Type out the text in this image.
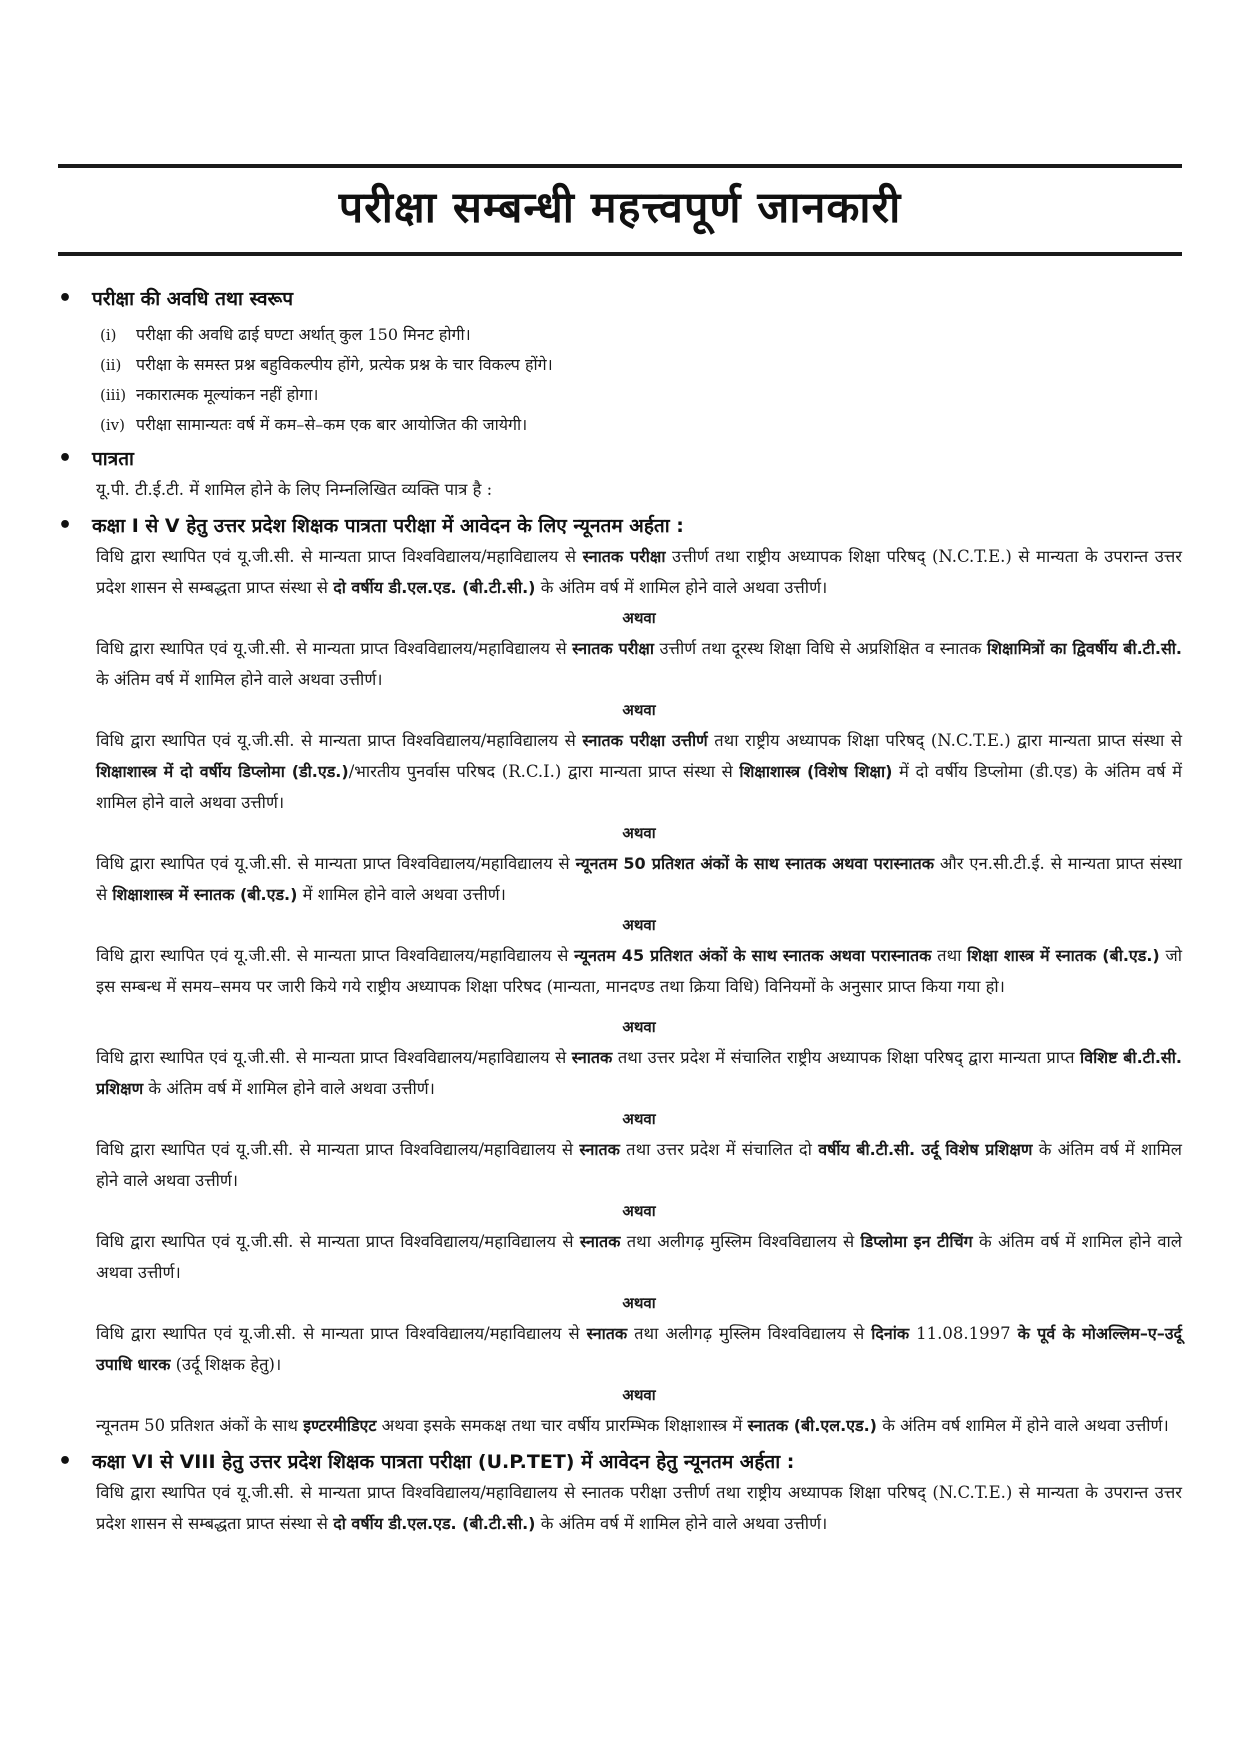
परीक्षा सम्बन्धी महत्त्वपूर्ण जानकारी
• परीक्षा की अवधि तथा स्वरूप
(i) परीक्षा की अवधि ढाई घण्टा अर्थात् कुल 150 मिनट होगी।
(ii) परीक्षा के समस्त प्रश्न बहुविकल्पीय होंगे, प्रत्येक प्रश्न के चार विकल्प होंगे।
(iii) नकारात्मक मूल्यांकन नहीं होगा।
(iv) परीक्षा सामान्यतः वर्ष में कम–से–कम एक बार आयोजित की जायेगी।
• पात्रता

यू.पी. टी.ई.टी. में शामिल होने के लिए निम्नलिखित व्यक्ति पात्र है :

• कक्षा I से V हेतु उत्तर प्रदेश शिक्षक पात्रता परीक्षा में आवेदन के लिए न्यूनतम अर्हता :

विधि द्वारा स्थापित एवं यू.जी.सी. से मान्यता प्राप्त विश्वविद्यालय/महाविद्यालय से स्नातक परीक्षा उत्तीर्ण तथा राष्ट्रीय अध्यापक शिक्षा परिषद् (N.C.T.E.) से मान्यता के उपरान्त उत्तर प्रदेश शासन से सम्बद्धता प्राप्त संस्था से दो वर्षीय डी.एल.एड. (बी.टी.सी.) के अंतिम वर्ष में शामिल होने वाले अथवा उत्तीर्ण।

अथवा

विधि द्वारा स्थापित एवं यू.जी.सी. से मान्यता प्राप्त विश्वविद्यालय/महाविद्यालय से स्नातक परीक्षा उत्तीर्ण तथा दूरस्थ शिक्षा विधि से अप्रशिक्षित व स्नातक शिक्षामित्रों का द्विवर्षीय बी.टी.सी. के अंतिम वर्ष में शामिल होने वाले अथवा उत्तीर्ण।

अथवा

विधि द्वारा स्थापित एवं यू.जी.सी. से मान्यता प्राप्त विश्वविद्यालय/महाविद्यालय से स्नातक परीक्षा उत्तीर्ण तथा राष्ट्रीय अध्यापक शिक्षा परिषद् (N.C.T.E.) द्वारा मान्यता प्राप्त संस्था से शिक्षाशास्त्र में दो वर्षीय डिप्लोमा (डी.एड.)/भारतीय पुनर्वास परिषद (R.C.I.) द्वारा मान्यता प्राप्त संस्था से शिक्षाशास्त्र (विशेष शिक्षा) में दो वर्षीय डिप्लोमा (डी.एड) के अंतिम वर्ष में शामिल होने वाले अथवा उत्तीर्ण।

अथवा

विधि द्वारा स्थापित एवं यू.जी.सी. से मान्यता प्राप्त विश्वविद्यालय/महाविद्यालय से न्यूनतम 50 प्रतिशत अंकों के साथ स्नातक अथवा परास्नातक और एन.सी.टी.ई. से मान्यता प्राप्त संस्था से शिक्षाशास्त्र में स्नातक (बी.एड.) में शामिल होने वाले अथवा उत्तीर्ण।

अथवा

विधि द्वारा स्थापित एवं यू.जी.सी. से मान्यता प्राप्त विश्वविद्यालय/महाविद्यालय से न्यूनतम 45 प्रतिशत अंकों के साथ स्नातक अथवा परास्नातक तथा शिक्षा शास्त्र में स्नातक (बी.एड.) जो इस सम्बन्ध में समय–समय पर जारी किये गये राष्ट्रीय अध्यापक शिक्षा परिषद (मान्यता, मानदण्ड तथा क्रिया विधि) विनियमों के अनुसार प्राप्त किया गया हो।

अथवा

विधि द्वारा स्थापित एवं यू.जी.सी. से मान्यता प्राप्त विश्वविद्यालय/महाविद्यालय से स्नातक तथा उत्तर प्रदेश में संचालित राष्ट्रीय अध्यापक शिक्षा परिषद् द्वारा मान्यता प्राप्त विशिष्ट बी.टी.सी. प्रशिक्षण के अंतिम वर्ष में शामिल होने वाले अथवा उत्तीर्ण।

अथवा

विधि द्वारा स्थापित एवं यू.जी.सी. से मान्यता प्राप्त विश्वविद्यालय/महाविद्यालय से स्नातक तथा उत्तर प्रदेश में संचालित दो वर्षीय बी.टी.सी. उर्दू विशेष प्रशिक्षण के अंतिम वर्ष में शामिल होने वाले अथवा उत्तीर्ण।

अथवा

विधि द्वारा स्थापित एवं यू.जी.सी. से मान्यता प्राप्त विश्वविद्यालय/महाविद्यालय से स्नातक तथा अलीगढ़ मुस्लिम विश्वविद्यालय से डिप्लोमा इन टीचिंग के अंतिम वर्ष में शामिल होने वाले अथवा उत्तीर्ण।

अथवा

विधि द्वारा स्थापित एवं यू.जी.सी. से मान्यता प्राप्त विश्वविद्यालय/महाविद्यालय से स्नातक तथा अलीगढ़ मुस्लिम विश्वविद्यालय से दिनांक 11.08.1997 के पूर्व के मोअल्लिम–ए–उर्दू उपाधि धारक (उर्दू शिक्षक हेतु)।

अथवा

न्यूनतम 50 प्रतिशत अंकों के साथ इण्टरमीडिएट अथवा इसके समकक्ष तथा चार वर्षीय प्रारम्भिक शिक्षाशास्त्र में स्नातक (बी.एल.एड.) के अंतिम वर्ष शामिल में होने वाले अथवा उत्तीर्ण।

• कक्षा VI से VIII हेतु उत्तर प्रदेश शिक्षक पात्रता परीक्षा (U.P.TET) में आवेदन हेतु न्यूनतम अर्हता :

विधि द्वारा स्थापित एवं यू.जी.सी. से मान्यता प्राप्त विश्वविद्यालय/महाविद्यालय से स्नातक परीक्षा उत्तीर्ण तथा राष्ट्रीय अध्यापक शिक्षा परिषद् (N.C.T.E.) से मान्यता के उपरान्त उत्तर प्रदेश शासन से सम्बद्धता प्राप्त संस्था से दो वर्षीय डी.एल.एड. (बी.टी.सी.) के अंतिम वर्ष में शामिल होने वाले अथवा उत्तीर्ण।
